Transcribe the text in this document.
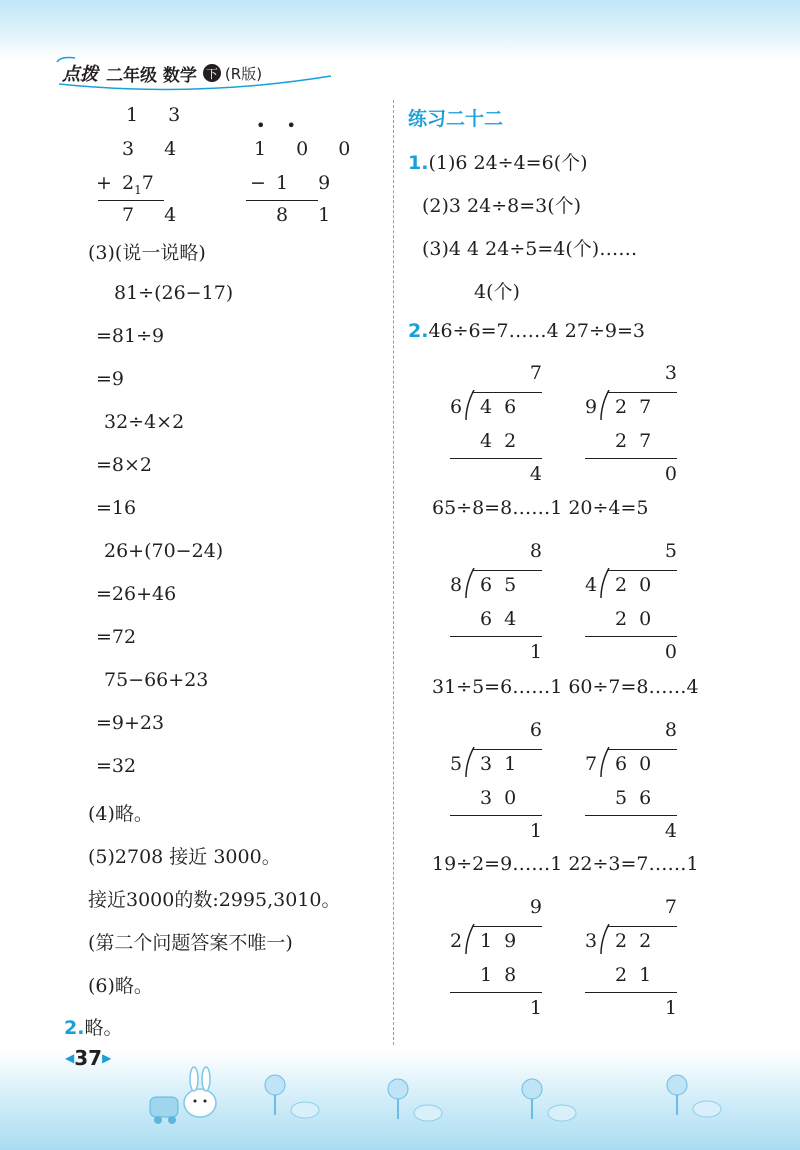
点拨 二年级 数学 下 (R版)
1 3
3 4
+ $2_17$
7 4
• •
1 0 0
− 1 9
8 1
(3)(说一说略)
81÷(26−17)
=81÷9
=9
32÷4×2
=8×2
=16
26+(70−24)
=26+46
=72
75−66+23
=9+23
=32
(4)略。
(5)2708 接近 3000。
接近3000的数:2995,3010。
(第二个问题答案不唯一)
(6)略。
2.略。
练习二十二
1.(1)6 24÷4=6(个)
(2)3 24÷8=3(个)
(3)4 4 24÷5=4(个)……
4(个)
2.46÷6=7……4 27÷9=3
7
6 46
42
4
3
9 27
27
0
65÷8=8……1 20÷4=5
8
8 65
64
1
5
4 20
20
0
31÷5=6……1 60÷7=8……4
6
5 31
30
1
8
7 60
56
4
19÷2=9……1 22÷3=7……1
9
2 19
18
1
7
3 22
21
1
◀ 37 ▶
